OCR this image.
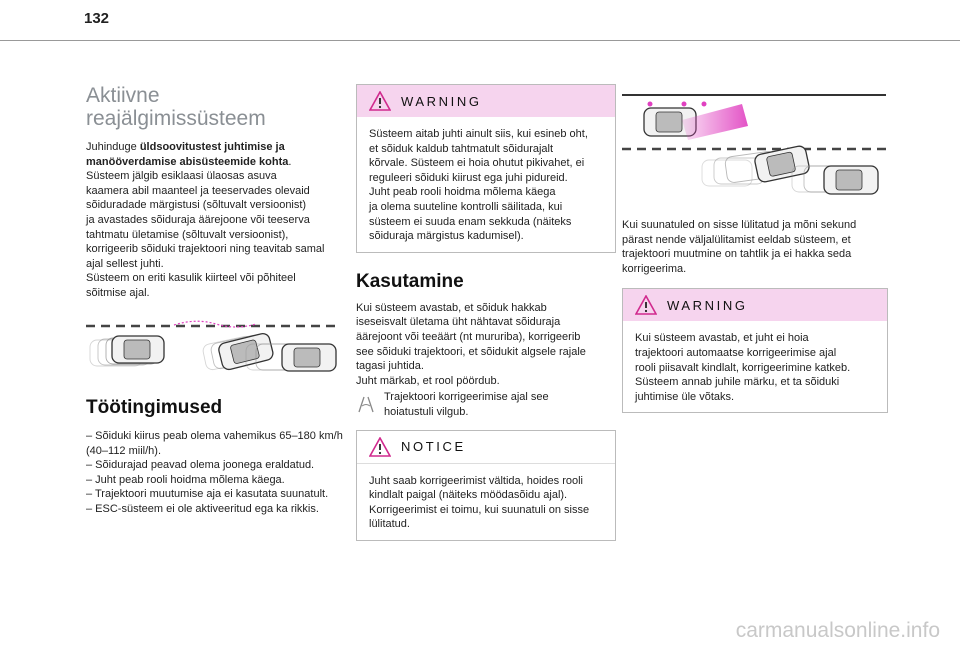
132
Aktiivne
reajälgimissüsteem

Juhinduge üldsoovitustest juhtimise ja manööverdamise abisüsteemide kohta.
Süsteem jälgib esiklaasi ülaosas asuva
kaamera abil maanteel ja teeservades olevaid
sõiduradade märgistusi (sõltuvalt versioonist)
ja avastades sõiduraja äärejoone või teeserva
tahtmatu ületamise (sõltuvalt versioonist),
korrigeerib sõiduki trajektoori ning teavitab samal
ajal sellest juhti.
Süsteem on eriti kasulik kiirteel või põhiteel
sõitmise ajal.

Töötingimused
– Sõiduki kiirus peab olema vahemikus 65–180 km/h (40–112 miil/h).
– Sõidurajad peavad olema joonega eraldatud.
– Juht peab rooli hoidma mõlema käega.
– Trajektoori muutumise aja ei kasutata suunatult.
– ESC-süsteem ei ole aktiveeritud ega ka rikkis.
WARNING
Süsteem aitab juhti ainult siis, kui esineb oht,
et sõiduk kaldub tahtmatult sõidurajalt
kõrvale. Süsteem ei hoia ohutut pikivahet, ei
reguleeri sõiduki kiirust ega juhi pidureid.
Juht peab rooli hoidma mõlema käega
ja olema suuteline kontrolli säilitada, kui
süsteem ei suuda enam sekkuda (näiteks
sõiduraja märgistus kadumisel).
Kasutamine

Kui süsteem avastab, et sõiduk hakkab
iseseisvalt ületama üht nähtavat sõiduraja
äärejoont või teeäärt (nt mururiba), korrigeerib
see sõiduki trajektoori, et sõidukit algsele rajale
tagasi juhtida.
Juht märkab, et rool pöördub.

Trajektoori korrigeerimise ajal see
hoiatustuli vilgub.

NOTICE
Juht saab korrigeerimist vältida, hoides rooli
kindlalt paigal (näiteks möödasõidu ajal).
Korrigeerimist ei toimu, kui suunatuli on sisse
lülitatud.

Kui suunatuled on sisse lülitatud ja mõni sekund
pärast nende väljalülitamist eeldab süsteem, et
trajektoori muutmine on tahtlik ja ei hakka seda
korrigeerima.

WARNING
Kui süsteem avastab, et juht ei hoia
trajektoori automaatse korrigeerimise ajal
rooli piisavalt kindlalt, korrigeerimine katkeb.
Süsteem annab juhile märku, et ta sõiduki
juhtimise üle võtaks.
carmanualsonline.info
